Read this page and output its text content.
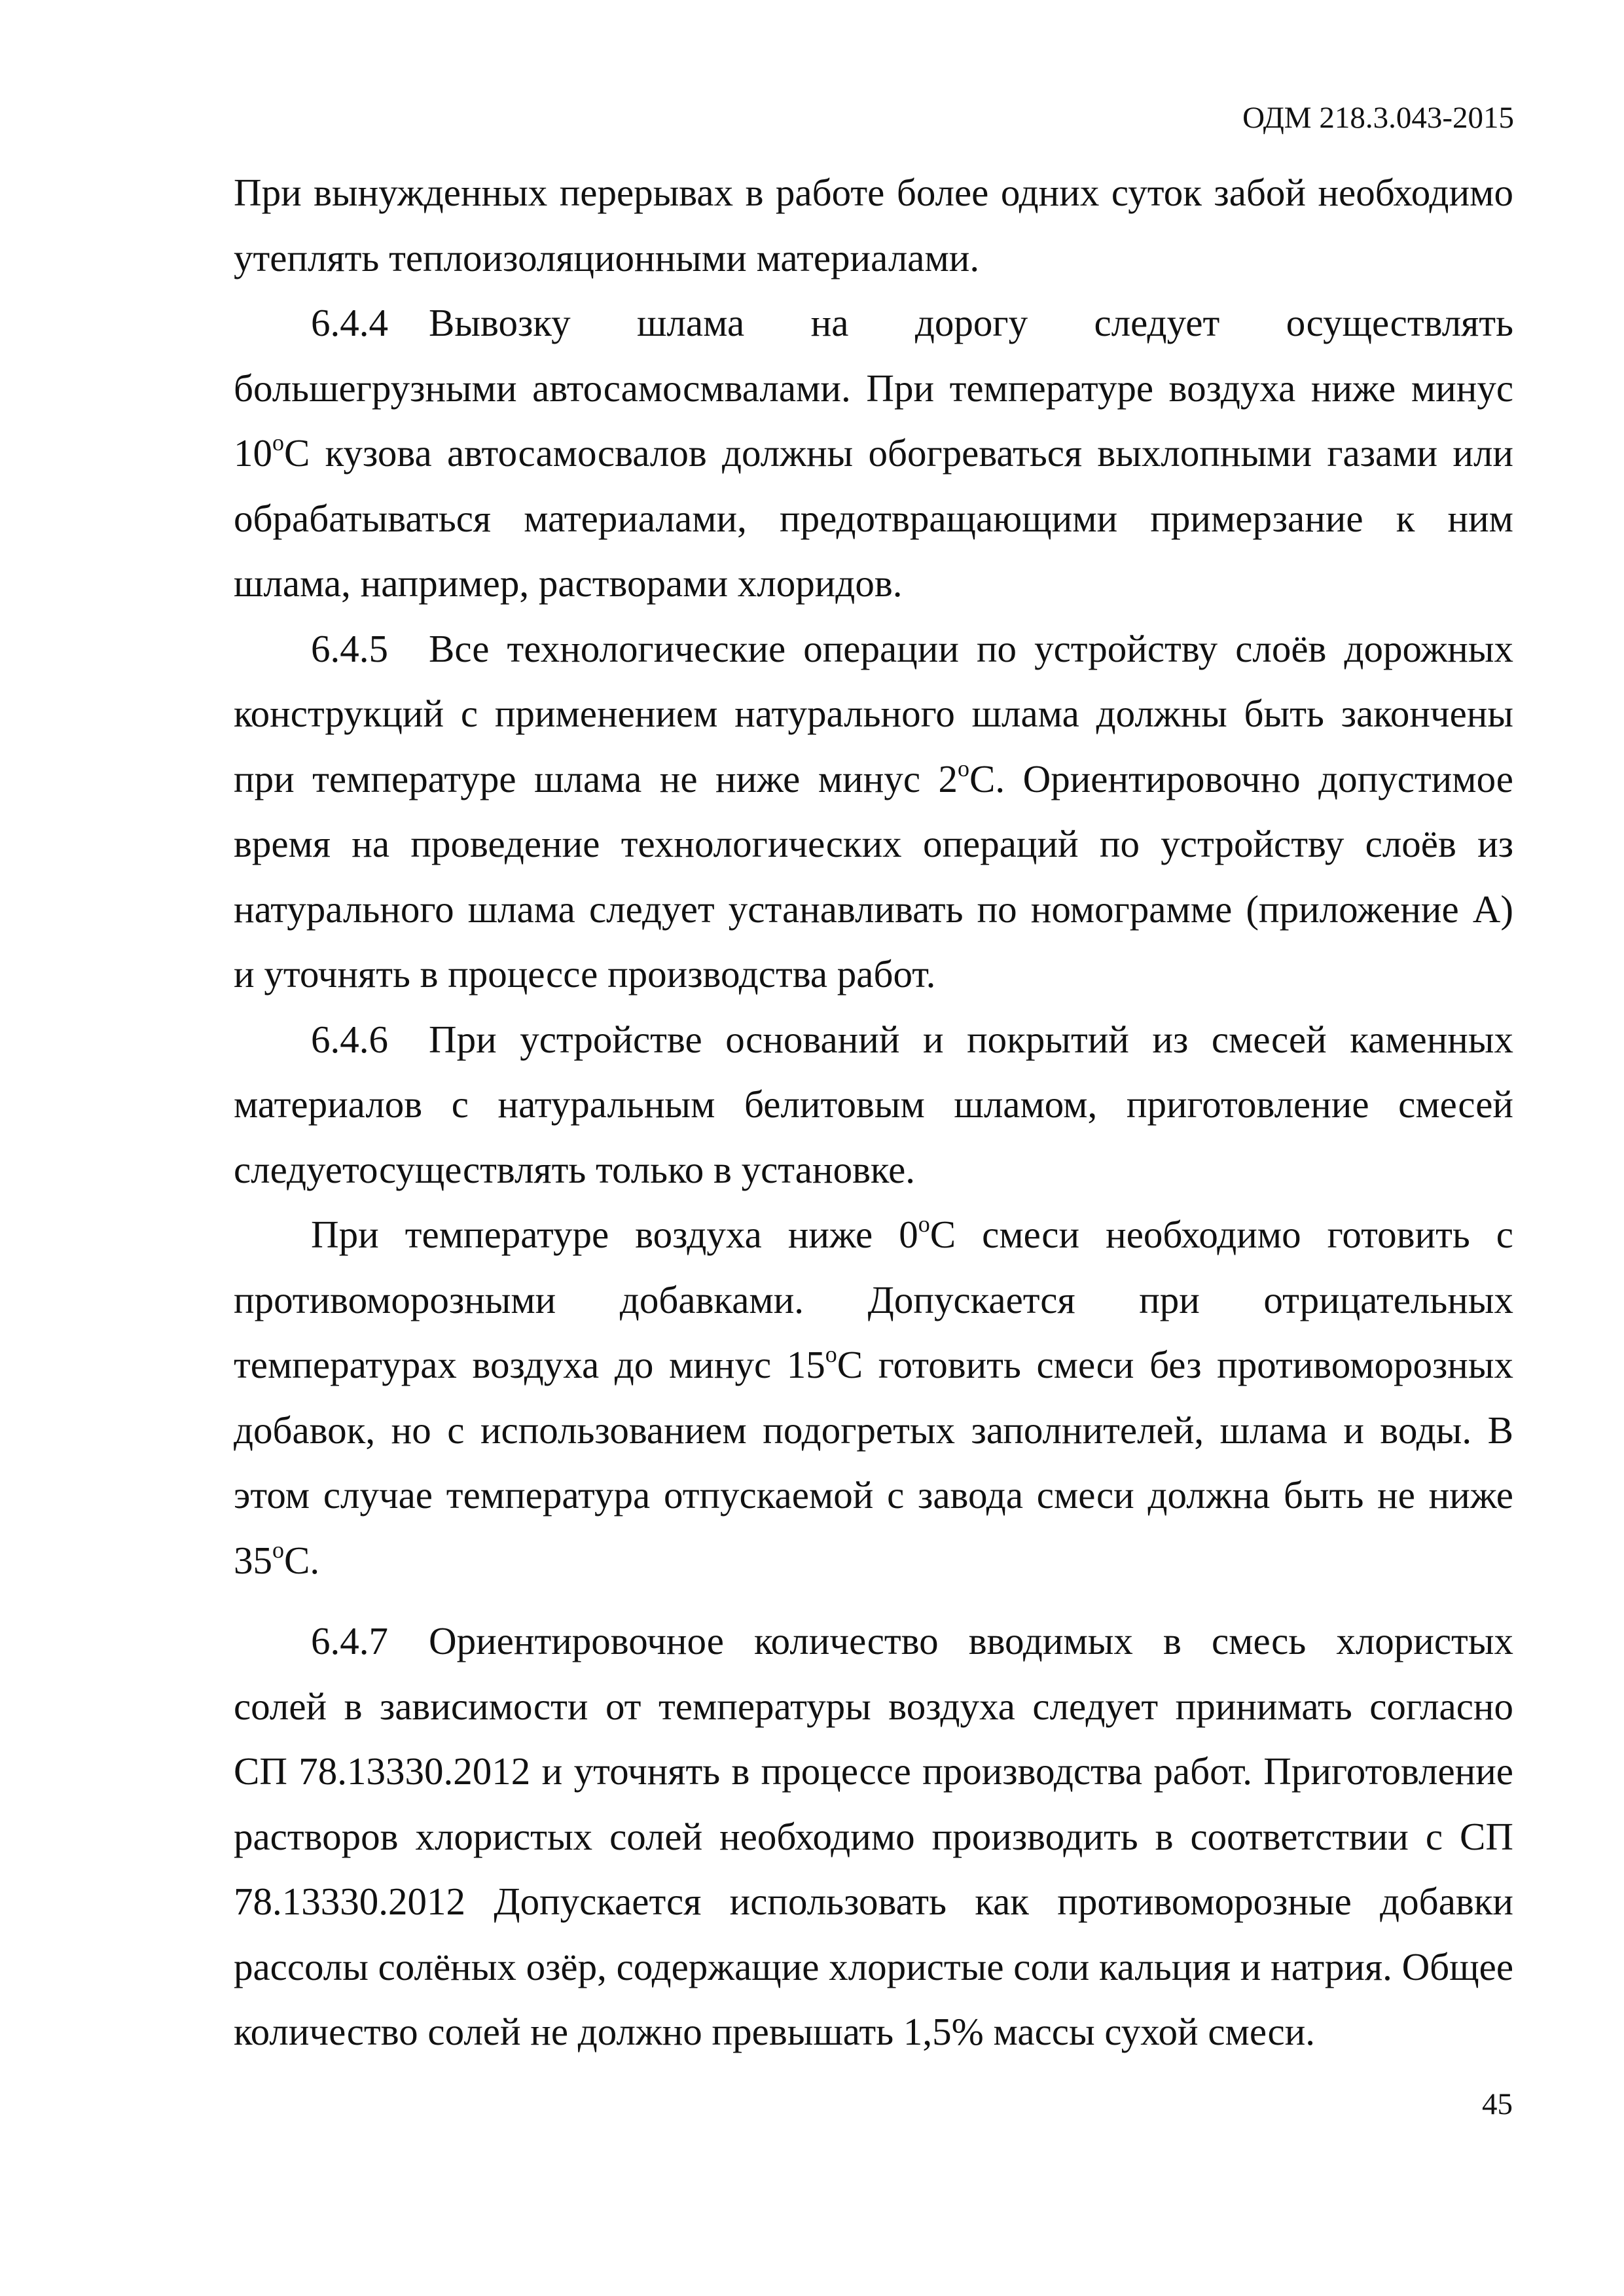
ОДМ 218.3.043-2015

При вынужденных перерывах в работе более одних суток забой необходимо утеплять теплоизоляционными материалами.

6.4.4 Вывозку шлама на дорогу следует осуществлять большегрузными автосамосмвалами. При температуре воздуха ниже минус 10$^o$С кузова автосамосвалов должны обогреваться выхлопными газами или обрабатываться материалами, предотвращающими примерзание к ним шлама, например, растворами хлоридов.

6.4.5 Все технологические операции по устройству слоёв дорожных конструкций с применением натурального шлама должны быть закончены при температуре шлама не ниже минус 2$^o$С. Ориентировочно допустимое время на проведение технологических операций по устройству слоёв из натурального шлама следует устанавливать по номограмме (приложение А) и уточнять в процессе производства работ.

6.4.6 При устройстве оснований и покрытий из смесей каменных материалов с натуральным белитовым шламом, приготовление смесей следуетосуществлять только в установке.

При температуре воздуха ниже 0$^o$С смеси необходимо готовить с противоморозными добавками. Допускается при отрицательных температурах воздуха до минус 15$^o$С готовить смеси без противоморозных добавок, но с использованием подогретых заполнителей, шлама и воды. В этом случае температура отпускаемой с завода смеси должна быть не ниже 35$^o$С.

6.4.7 Ориентировочное количество вводимых в смесь хлористых солей в зависимости от температуры воздуха следует принимать согласно СП 78.13330.2012 и уточнять в процессе производства работ. Приготовление растворов хлористых солей необходимо производить в соответствии с СП 78.13330.2012 Допускается использовать как противоморозные добавки рассолы солёных озёр, содержащие хлористые соли кальция и натрия. Общее количество солей не должно превышать 1,5% массы сухой смеси.

45
